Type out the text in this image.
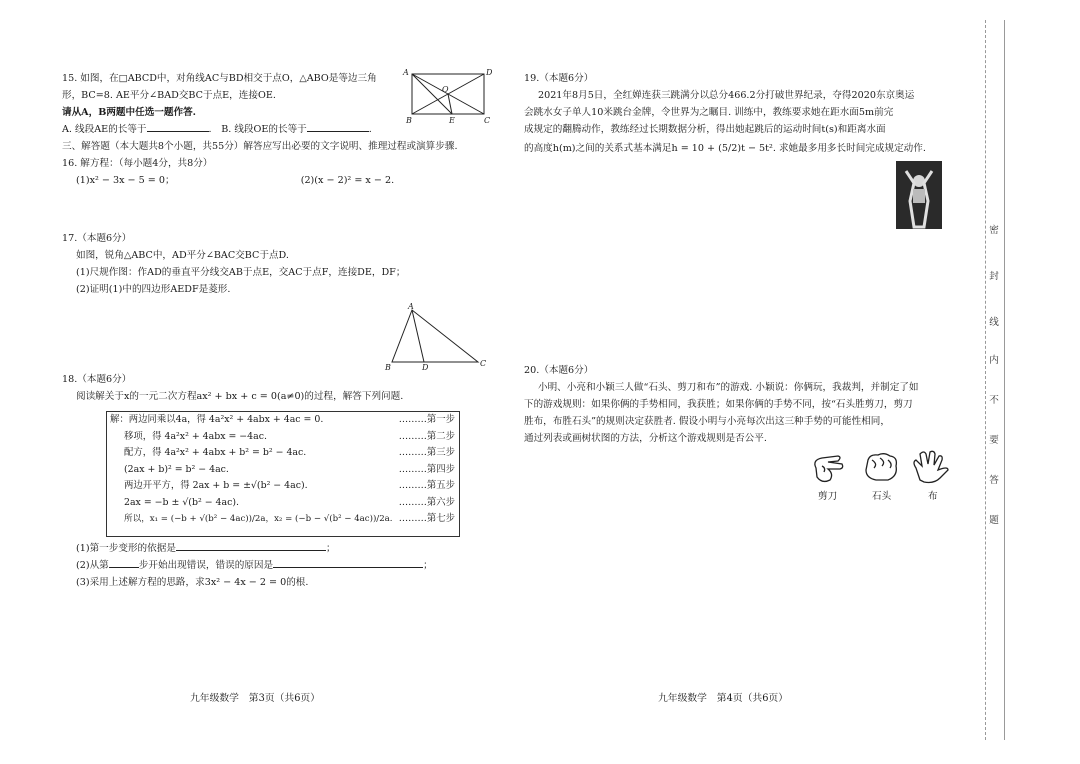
15. 如图，在□ABCD中，对角线AC与BD相交于点O，△ABO是等边三角
形，BC=8. AE平分∠BAD交BC于点E，连接OE.
请从A，B两题中任选一题作答.
A. 线段AE的长等于	.　B. 线段OE的长等于	.
三、解答题（本大题共8个小题，共55分）解答应写出必要的文字说明、推理过程或演算步骤.
16. 解方程：（每小题4分，共8分）
(1)x² − 3x − 5 = 0；	(2)(x − 2)² = x − 2.
17.（本题6分）
如图，锐角△ABC中，AD平分∠BAC交BC于点D.
(1)尺规作图：作AD的垂直平分线交AB于点E，交AC于点F，连接DE，DF；
(2)证明(1)中的四边形AEDF是菱形.
18.（本题6分）
阅读解关于x的一元二次方程ax² + bx + c = 0(a≠0)的过程，解答下列问题.
解：两边同乘以4a，得 4a²x² + 4abx + 4ac = 0.	………第一步
移项，得 4a²x² + 4abx = −4ac.	………第二步
配方，得 4a²x² + 4abx + b² = b² − 4ac.	………第三步
(2ax + b)² = b² − 4ac.	………第四步
两边开平方，得 2ax + b = ±√(b² − 4ac).	………第五步
2ax = −b ± √(b² − 4ac).	………第六步
所以，x₁ = (−b + √(b² − 4ac))/2a，x₂ = (−b − √(b² − 4ac))/2a. ………第七步
(1)第一步变形的依据是	；
(2)从第	步开始出现错误，错误的原因是	；
(3)采用上述解方程的思路，求3x² − 4x − 2 = 0的根.
A	D
O
B	E	C
A
B	D	C
19.（本题6分）
2021年8月5日，全红婵连获三跳满分以总分466.2分打破世界纪录，夺得2020东京奥运
会跳水女子单人10米跳台金牌，令世界为之瞩目. 训练中，教练要求她在距水面5m前完
成规定的翻腾动作，教练经过长期数据分析，得出她起跳后的运动时间t(s)和距离水面
的高度h(m)之间的关系式基本满足h = 10 + (5/2)t − 5t². 求她最多用多长时间完成规定动作.
20.（本题6分）
小明、小亮和小颖三人做“石头、剪刀和布”的游戏. 小颖说：你俩玩，我裁判，并制定了如
下的游戏规则：如果你俩的手势相同，我获胜；如果你俩的手势不同，按“石头胜剪刀，剪刀
胜布，布胜石头”的规则决定获胜者. 假设小明与小亮每次出这三种手势的可能性相同，
通过列表或画树状图的方法，分析这个游戏规则是否公平.
剪刀	石头	布
九年级数学　第3页（共6页）	九年级数学　第4页（共6页）
密
封
线
内
不
要
答
题
